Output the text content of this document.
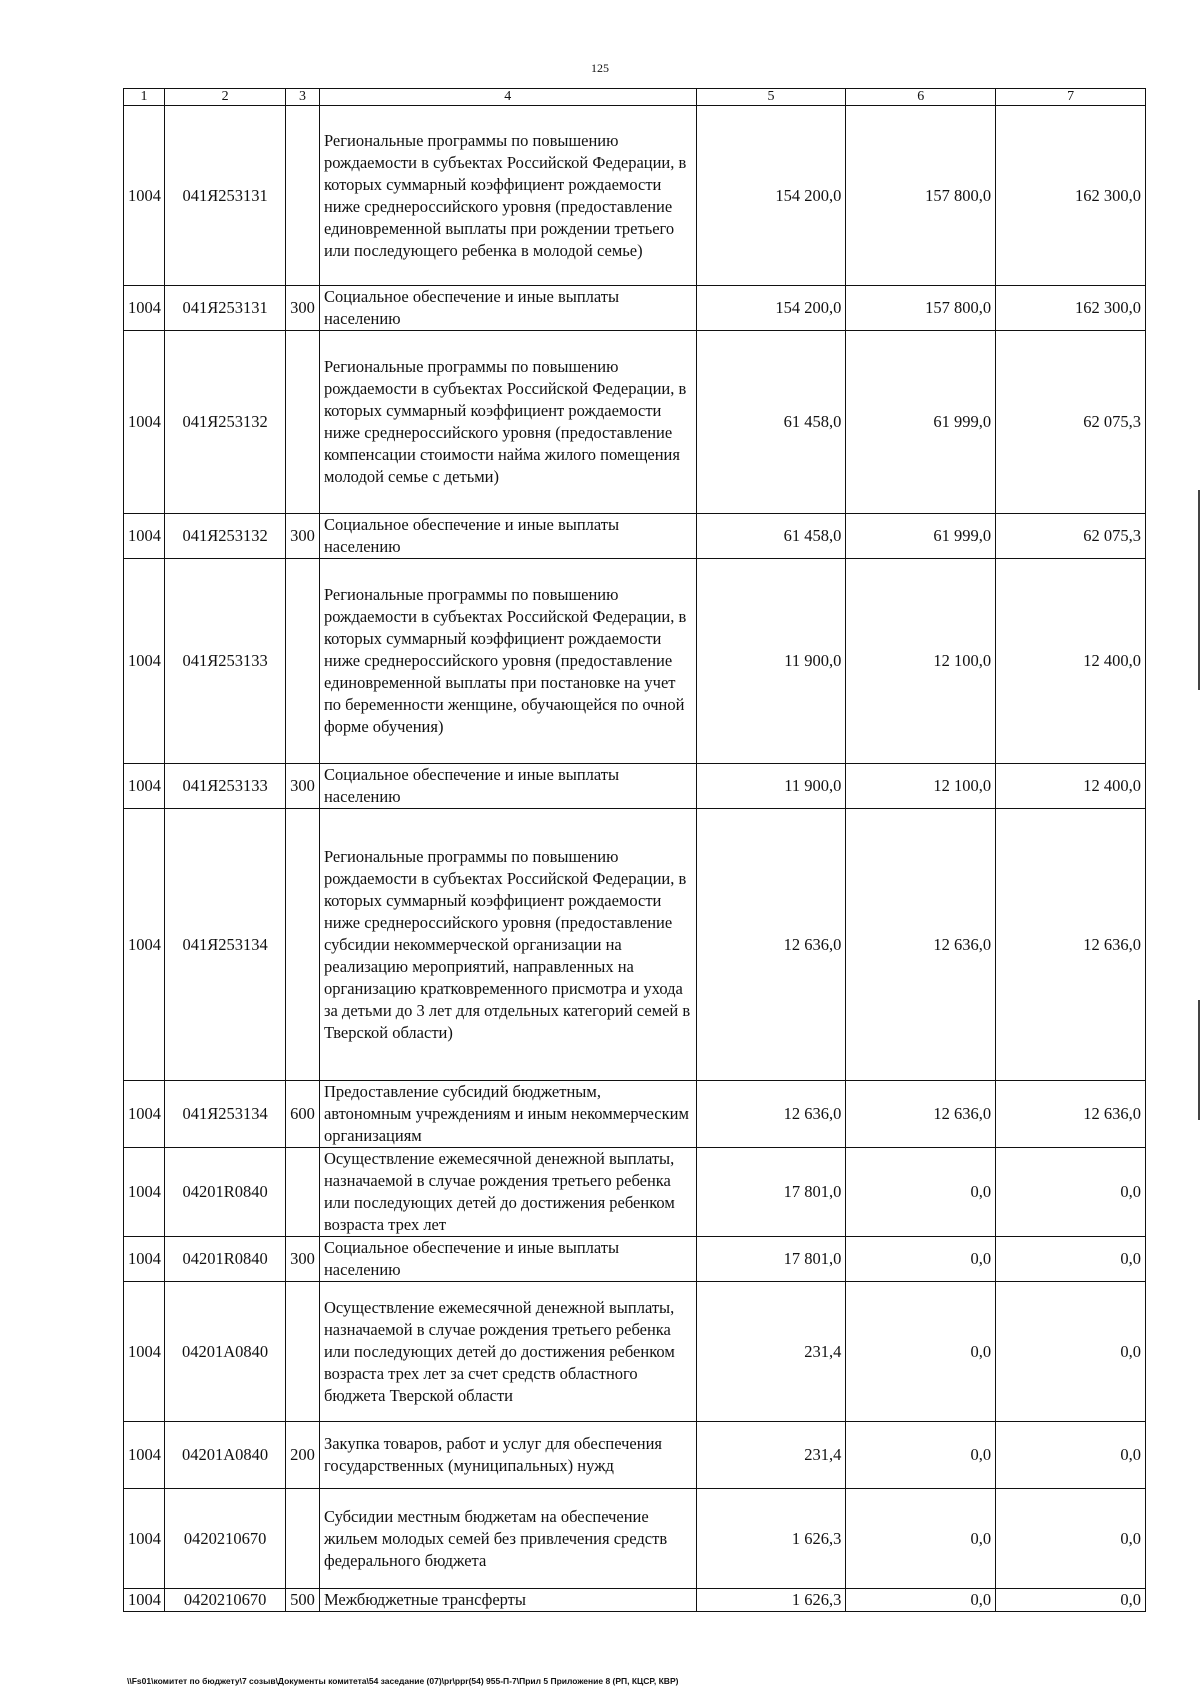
125
1	2	3	4	5	6	7
1004	041Я253131		Региональные программы по повышению рождаемости в субъектах Российской Федерации, в которых суммарный коэффициент рождаемости ниже среднероссийского уровня (предоставление единовременной выплаты при рождении третьего или последующего ребенка в молодой семье)	154 200,0	157 800,0	162 300,0
1004	041Я253131	300	Социальное обеспечение и иные выплаты населению	154 200,0	157 800,0	162 300,0
1004	041Я253132		Региональные программы по повышению рождаемости в субъектах Российской Федерации, в которых суммарный коэффициент рождаемости ниже среднероссийского уровня (предоставление компенсации стоимости найма жилого помещения молодой семье с детьми)	61 458,0	61 999,0	62 075,3
1004	041Я253132	300	Социальное обеспечение и иные выплаты населению	61 458,0	61 999,0	62 075,3
1004	041Я253133		Региональные программы по повышению рождаемости в субъектах Российской Федерации, в которых суммарный коэффициент рождаемости ниже среднероссийского уровня (предоставление единовременной выплаты при постановке на учет по беременности женщине, обучающейся по очной форме обучения)	11 900,0	12 100,0	12 400,0
1004	041Я253133	300	Социальное обеспечение и иные выплаты населению	11 900,0	12 100,0	12 400,0
1004	041Я253134		Региональные программы по повышению рождаемости в субъектах Российской Федерации, в которых суммарный коэффициент рождаемости ниже среднероссийского уровня (предоставление субсидии некоммерческой организации на реализацию мероприятий, направленных на организацию кратковременного присмотра и ухода за детьми до 3 лет для отдельных категорий семей в Тверской области)	12 636,0	12 636,0	12 636,0
1004	041Я253134	600	Предоставление субсидий бюджетным, автономным учреждениям и иным некоммерческим организациям	12 636,0	12 636,0	12 636,0
1004	04201R0840		Осуществление ежемесячной денежной выплаты, назначаемой в случае рождения третьего ребенка или последующих детей до достижения ребенком возраста трех лет	17 801,0	0,0	0,0
1004	04201R0840	300	Социальное обеспечение и иные выплаты населению	17 801,0	0,0	0,0
1004	04201A0840		Осуществление ежемесячной денежной выплаты, назначаемой в случае рождения третьего ребенка или последующих детей до достижения ребенком возраста трех лет за счет средств областного бюджета Тверской области	231,4	0,0	0,0
1004	04201A0840	200	Закупка товаров, работ и услуг для обеспечения государственных (муниципальных) нужд	231,4	0,0	0,0
1004	0420210670		Субсидии местным бюджетам на обеспечение жильем молодых семей без привлечения средств федерального бюджета	1 626,3	0,0	0,0
1004	0420210670	500	Межбюджетные трансферты	1 626,3	0,0	0,0
\\Fs01\комитет по бюджету\7 созыв\Документы комитета\54 заседание (07)\pr\ppr(54) 955-П-7\Прил 5 Приложение 8 (РП, КЦСР, КВР)
